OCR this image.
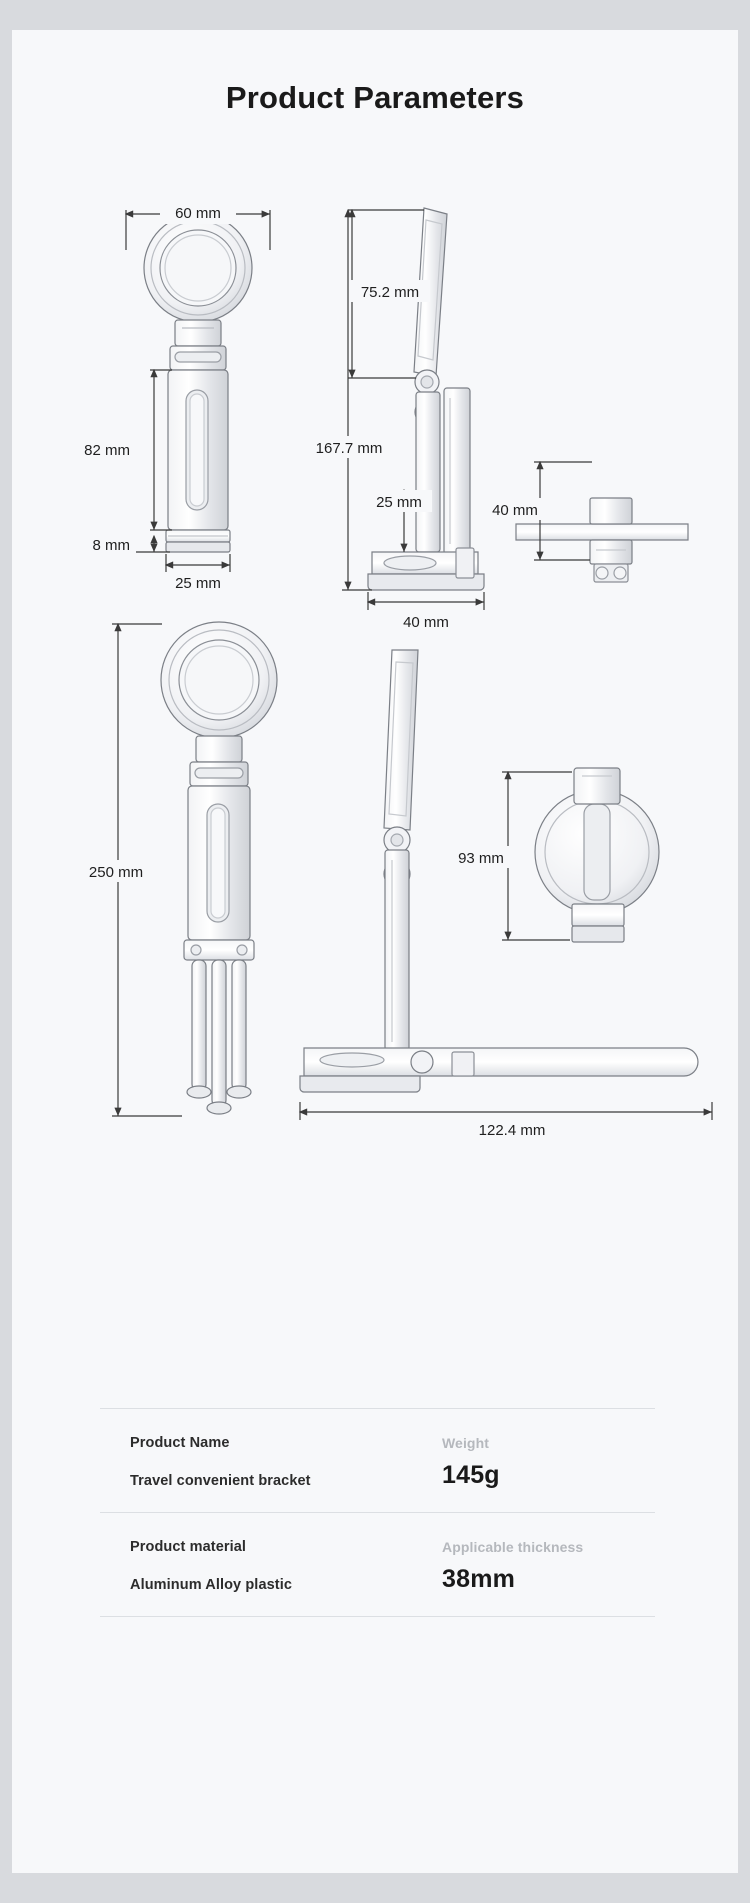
Product Parameters
60 mm
82 mm
8 mm
25 mm
75.2 mm
167.7 mm
25 mm
40 mm
40 mm
250 mm
122.4 mm
93 mm
Product Name
Travel convenient bracket
Weight
145g
Product material
Aluminum Alloy plastic
Applicable thickness
38mm
